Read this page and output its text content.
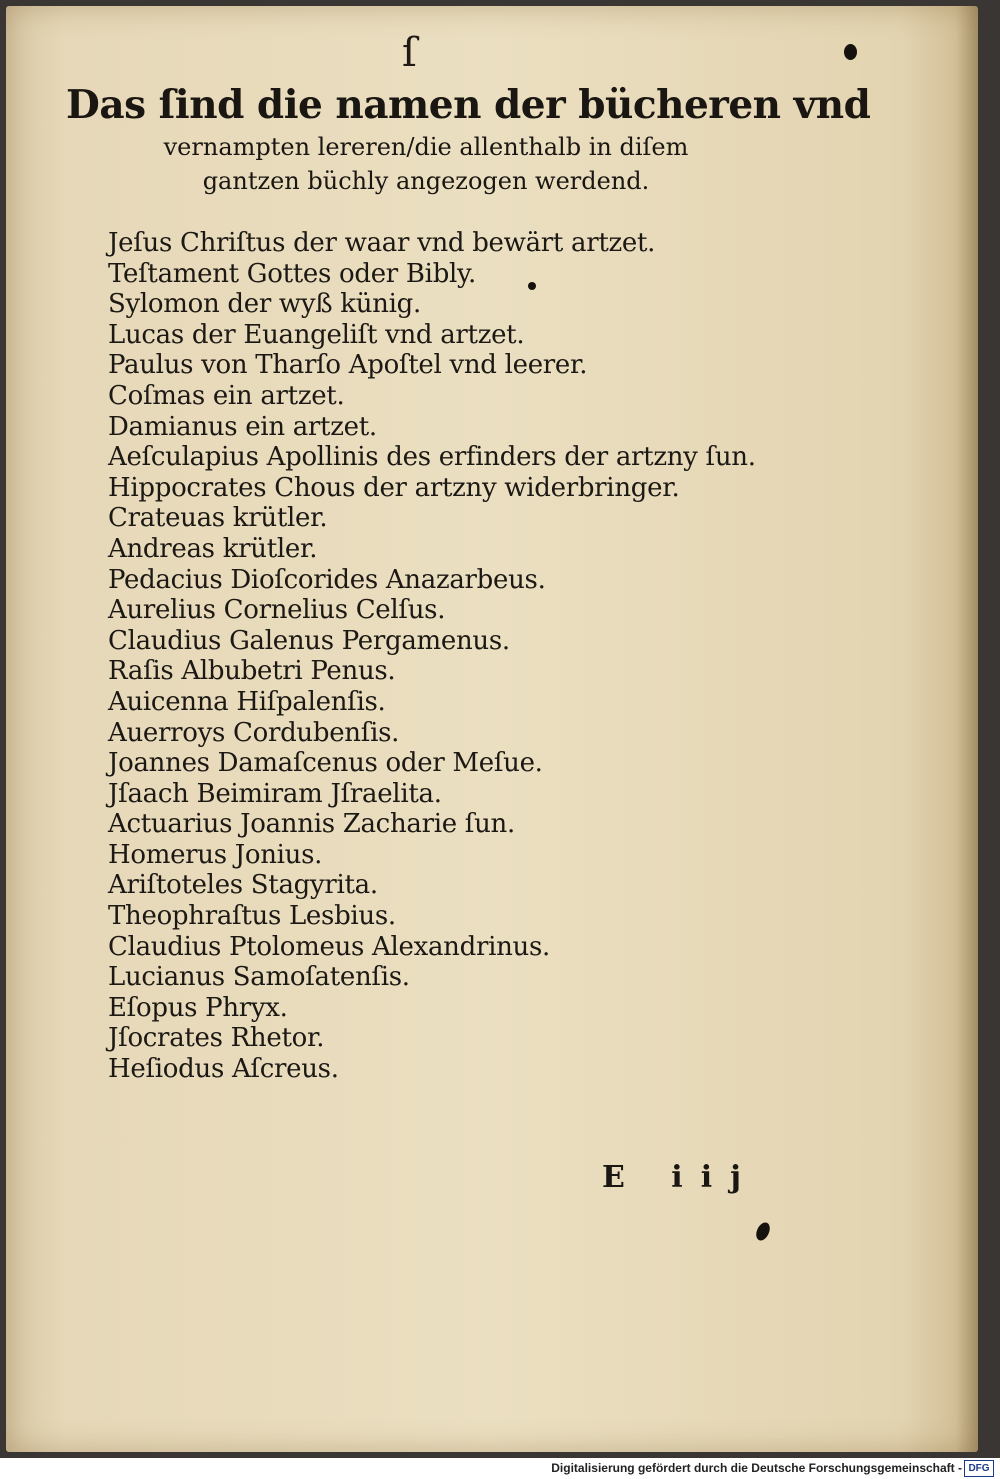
ſ
Das ſind die namen der bücheren vnd
vernampten lereren/die allenthalb in diſem
gantzen büchly angezogen werdend.
Jeſus Chriſtus der waar vnd bewärt artzet.
Teſtament Gottes oder Bibly.
Sylomon der wyß künig.
Lucas der Euangeliſt vnd artzet.
Paulus von Tharſo Apoſtel vnd leerer.
Coſmas ein artzet.
Damianus ein artzet.
Aeſculapius Apollinis des erfinders der artzny ſun.
Hippocrates Chous der artzny widerbringer.
Crateuas krütler.
Andreas krütler.
Pedacius Dioſcorides Anazarbeus.
Aurelius Cornelius Celſus.
Claudius Galenus Pergamenus.
Raſis Albubetri Penus.
Auicenna Hiſpalenſis.
Auerroys Cordubenſis.
Joannes Damaſcenus oder Meſue.
Jſaach Beimiram Jſraelita.
Actuarius Joannis Zacharie ſun.
Homerus Jonius.
Ariſtoteles Stagyrita.
Theophraſtus Lesbius.
Claudius Ptolomeus Alexandrinus.
Lucianus Samoſatenſis.
Eſopus Phryx.
Jſocrates Rhetor.
Heſiodus Aſcreus.
E iij
Digitalisierung gefördert durch die Deutsche Forschungsgemeinschaft - DFG
